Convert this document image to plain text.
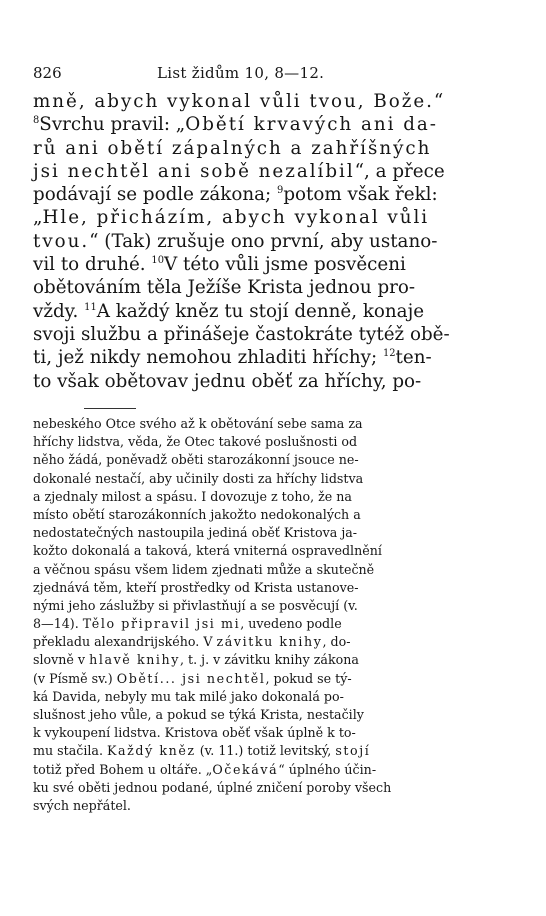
826	List židům 10, 8—12.
mně, abych vykonal vůli tvou, Bože.“
$^8$Svrchu pravil: „Obětí krvavých ani da-
rů ani obětí zápalných a zahříšných
jsi nechtěl ani sobě nezalíbil“, a přece
podávají se podle zákona; $^9$potom však řekl:
„Hle, přicházím, abych vykonal vůli
tvou.“ (Tak) zrušuje ono první, aby ustano-
vil to druhé. $^{10}$V této vůli jsme posvěceni
obětováním těla Ježíše Krista jednou pro-
vždy. $^{11}$A každý kněz tu stojí denně, konaje
svoji službu a přinášeje častokráte tytéž obě-
ti, jež nikdy nemohou zhladiti hříchy; $^{12}$ten-
to však obětovav jednu oběť za hříchy, po-
nebeského Otce svého až k obětování sebe sama za
hříchy lidstva, věda, že Otec takové poslušnosti od
něho žádá, poněvadž oběti starozákonní jsouce ne-
dokonalé nestačí, aby učinily dosti za hříchy lidstva
a zjednaly milost a spásu. I dovozuje z toho, že na
místo obětí starozákonních jakožto nedokonalých a
nedostatečných nastoupila jediná oběť Kristova ja-
kožto dokonalá a taková, která vniterná ospravedlnění
a věčnou spásu všem lidem zjednati může a skutečně
zjednává těm, kteří prostředky od Krista ustanove-
nými jeho záslužby si přivlastňují a se posvěcují (v.
8—14). Tělo připravil jsi mi, uvedeno podle
překladu alexandrijského. V závitku knihy, do-
slovně v hlavě knihy, t. j. v závitku knihy zákona
(v Písmě sv.) Obětí... jsi nechtěl, pokud se tý-
ká Davida, nebyly mu tak milé jako dokonalá po-
slušnost jeho vůle, a pokud se týká Krista, nestačily
k vykoupení lidstva. Kristova oběť však úplně k to-
mu stačila. Každý kněz (v. 11.) totiž levitský, stojí
totiž před Bohem u oltáře. „Očekává“ úplného účin-
ku své oběti jednou podané, úplné zničení poroby všech
svých nepřátel.
